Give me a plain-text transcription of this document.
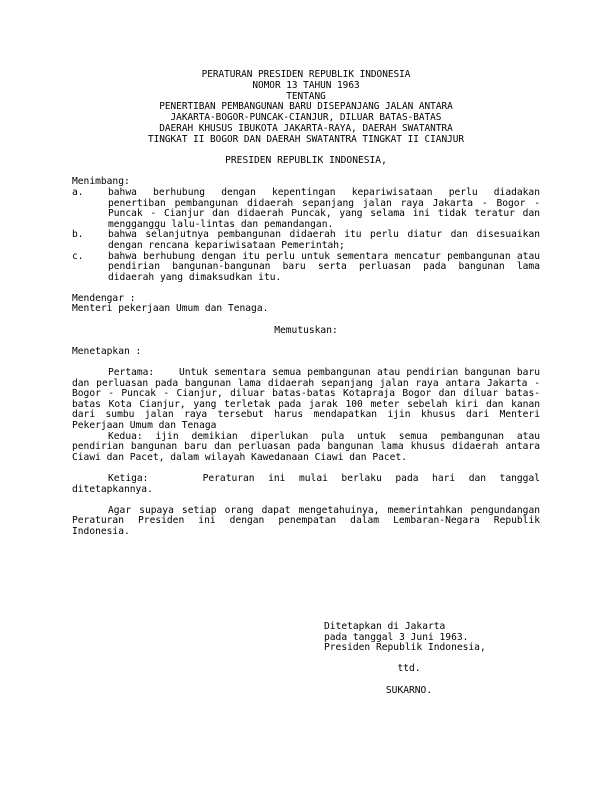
PERATURAN PRESIDEN REPUBLIK INDONESIA
NOMOR 13 TAHUN 1963
TENTANG
PENERTIBAN PEMBANGUNAN BARU DISEPANJANG JALAN ANTARA
JAKARTA-BOGOR-PUNCAK-CIANJUR, DILUAR BATAS-BATAS
DAERAH KHUSUS IBUKOTA JAKARTA-RAYA, DAERAH SWATANTRA
TINGKAT II BOGOR DAN DAERAH SWATANTRA TINGKAT II CIANJUR
PRESIDEN REPUBLIK INDONESIA,
Menimbang:
a.	bahwa berhubung dengan kepentingan kepariwisataan perlu diadakan penertiban pembangunan didaerah sepanjang jalan raya Jakarta - Bogor - Puncak - Cianjur dan didaerah Puncak, yang selama ini tidak teratur dan mengganggu lalu-lintas dan pemandangan.
b.	bahwa selanjutnya pembangunan didaerah itu perlu diatur dan disesuaikan dengan rencana kepariwisataan Pemerintah;
c.	bahwa berhubung dengan itu perlu untuk sementara mencatur pembangunan atau pendirian bangunan-bangunan baru serta perluasan pada bangunan lama didaerah yang dimaksudkan itu.
Mendengar :
Menteri pekerjaan Umum dan Tenaga.
Memutuskan:
Menetapkan :
Pertama:    Untuk sementara semua pembangunan atau pendirian bangunan baru dan perluasan pada bangunan lama didaerah sepanjang jalan raya antara Jakarta - Bogor - Puncak - Cianjur, diluar batas-batas Kotapraja Bogor dan diluar batas- batas Kota Cianjur, yang terletak pada jarak 100 meter sebelah kiri dan kanan dari sumbu jalan raya tersebut harus mendapatkan ijin khusus dari Menteri Pekerjaan Umum dan Tenaga
Kedua: ijin demikian diperlukan pula untuk semua pembangunan atau pendirian bangunan baru dan perluasan pada bangunan lama khusus didaerah antara Ciawi dan Pacet, dalam wilayah Kawedanaan Ciawi dan Pacet.
Ketiga:    Peraturan ini mulai berlaku pada hari dan tanggal ditetapkannya.
Agar supaya setiap orang dapat mengetahuinya, memerintahkan pengundangan Peraturan Presiden ini dengan penempatan dalam Lembaran-Negara Republik Indonesia.
Ditetapkan di Jakarta
pada tanggal 3 Juni 1963.
Presiden Republik Indonesia,
ttd.
SUKARNO.
